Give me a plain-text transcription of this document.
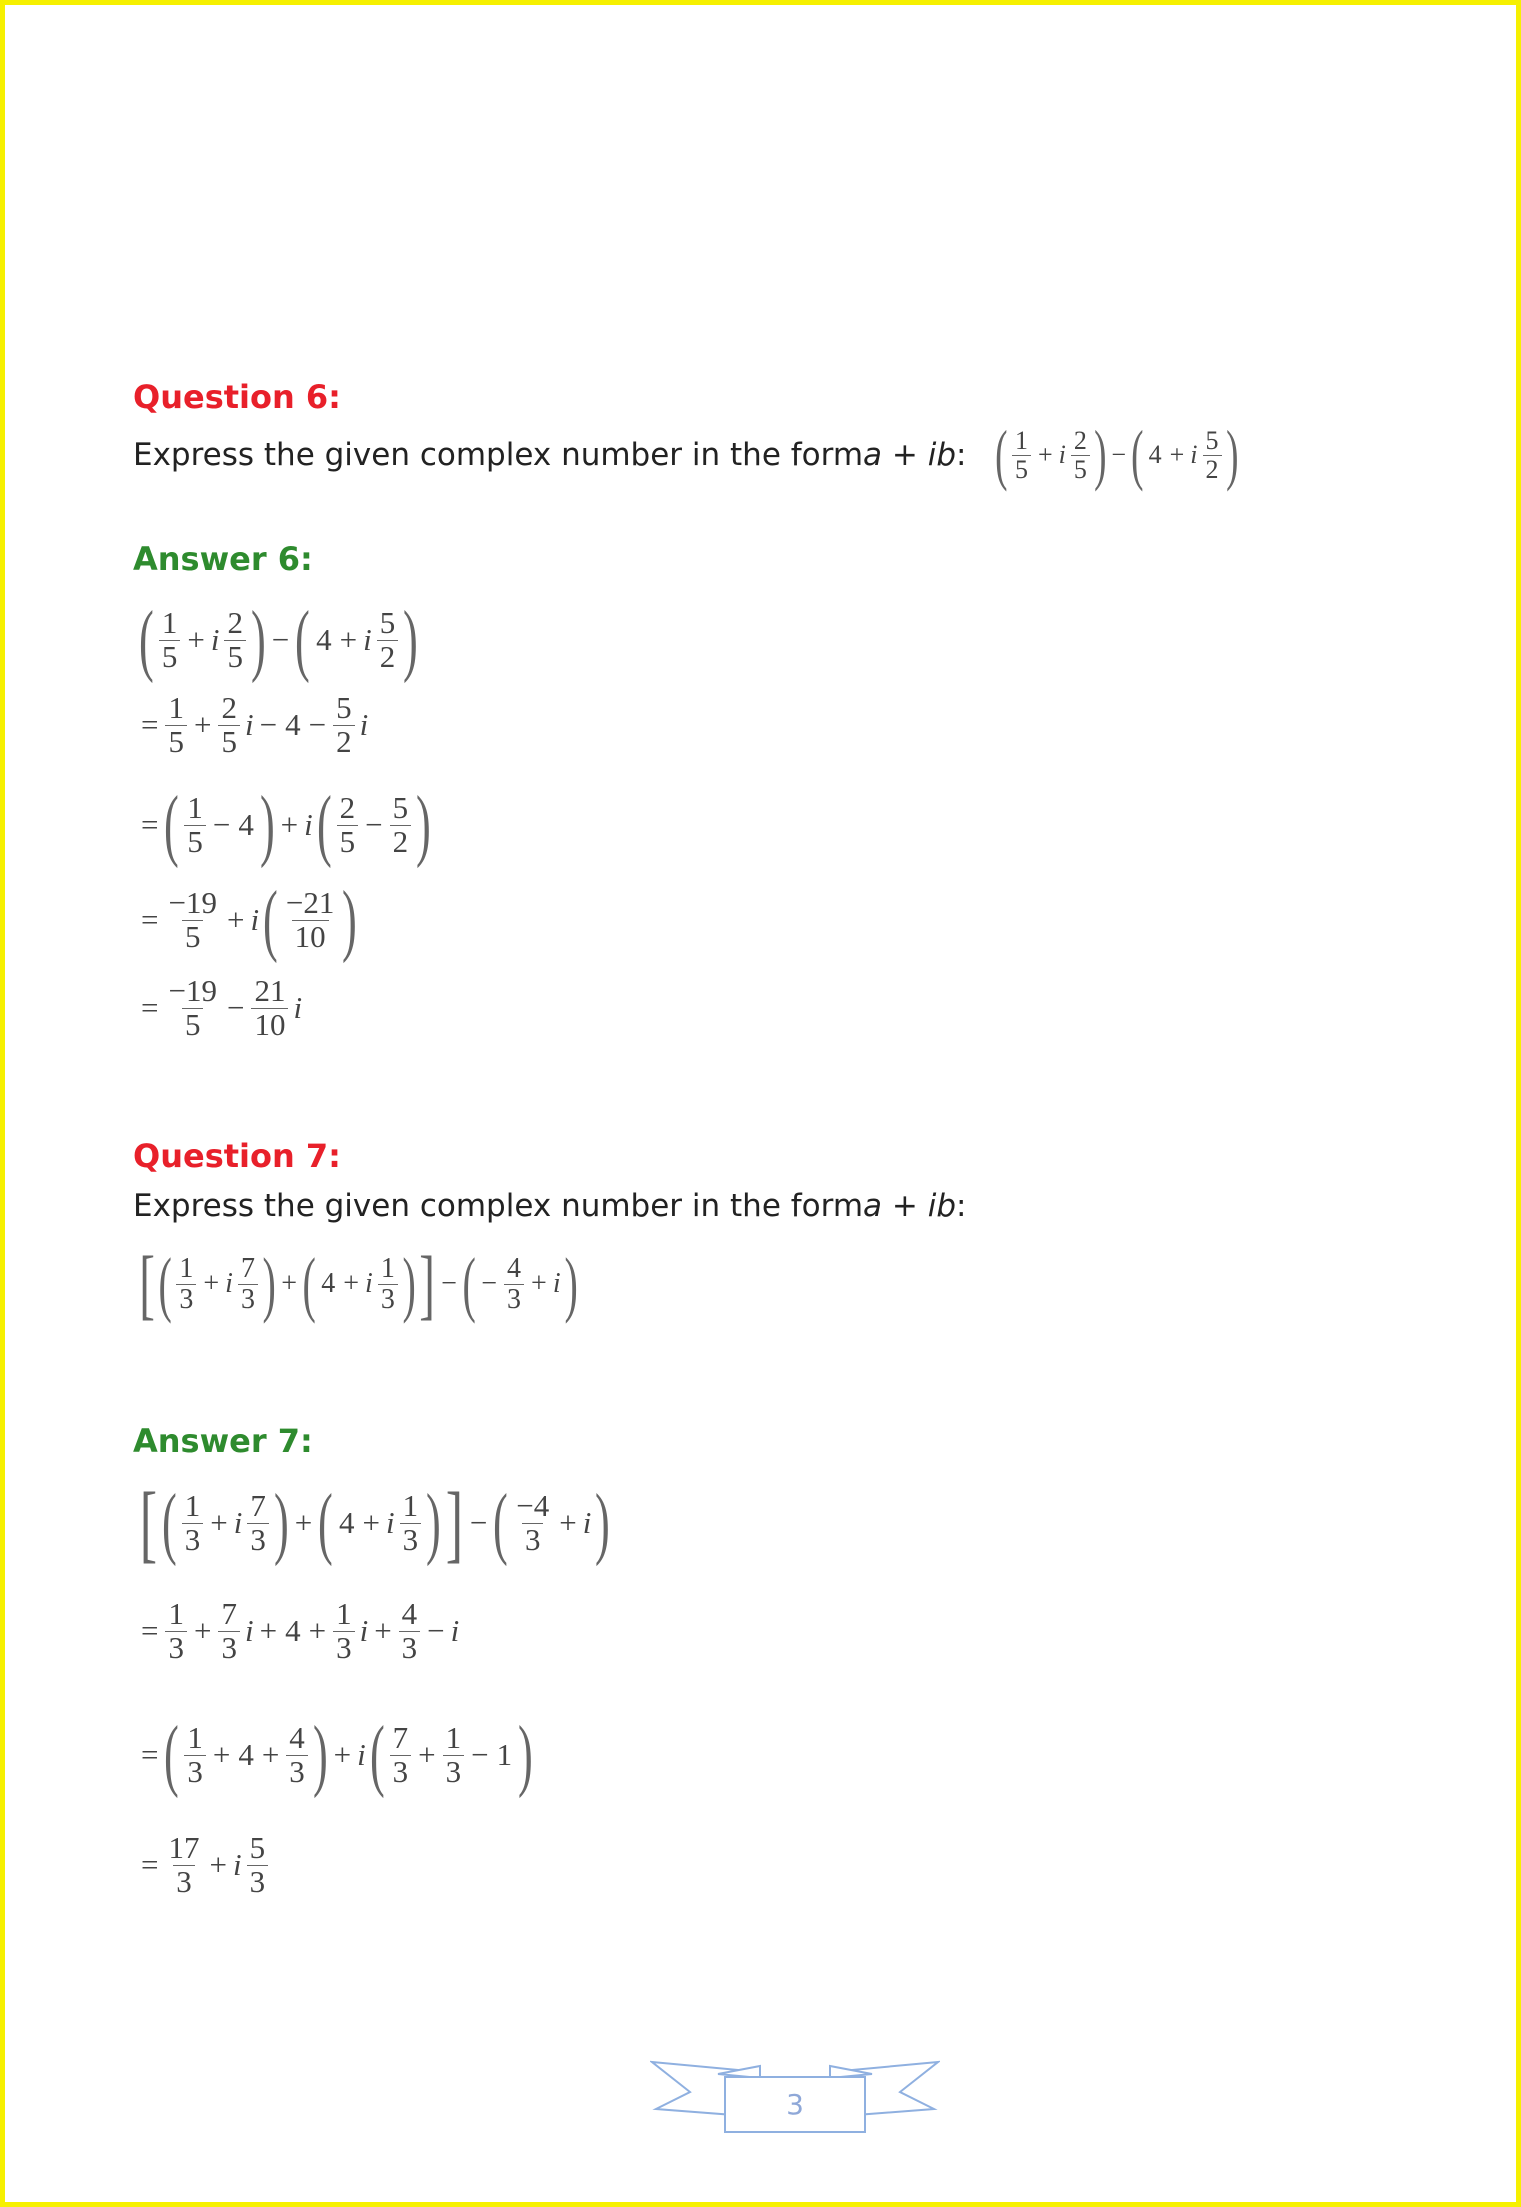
Question 6:
Express the given complex number in the form a + ib : ( $\frac{1}{5} + i \frac{2}{5}$ ) − ( 4 + i $\frac{5}{2}$ )
Answer 6:
( $\frac{1}{5} + i \frac{2}{5}$ ) − ( 4 + i $\frac{5}{2}$ )
= $\frac{1}{5} + \frac{2}{5}$ $i - 4 - \frac{5}{2}$ i
= ( $\frac{1}{5} - 4$ ) + i ( $\frac{2}{5} - \frac{5}{2}$ )
= $\frac{-19}{5} + i$ ( $\frac{-21}{10}$ )
= $\frac{-19}{5} - \frac{21}{10}$ i
Question 7:
Express the given complex number in the form a + ib :
[ ( $\frac{1}{3} + i \frac{7}{3}$ ) + ( 4 + i $\frac{1}{3}$ ) ] − ( − $\frac{4}{3} + i$ )
Answer 7:
[ ( $\frac{1}{3} + i \frac{7}{3}$ ) + ( 4 + i $\frac{1}{3}$ ) ] − ( $\frac{-4}{3} + i$ )
= $\frac{1}{3} + \frac{7}{3}$ $i + 4 + \frac{1}{3}$ $i + \frac{4}{3} - i$
= ( $\frac{1}{3} + 4 + \frac{4}{3}$ ) + i ( $\frac{7}{3} + \frac{1}{3} - 1$ )
= $\frac{17}{3} + i \frac{5}{3}$
3
